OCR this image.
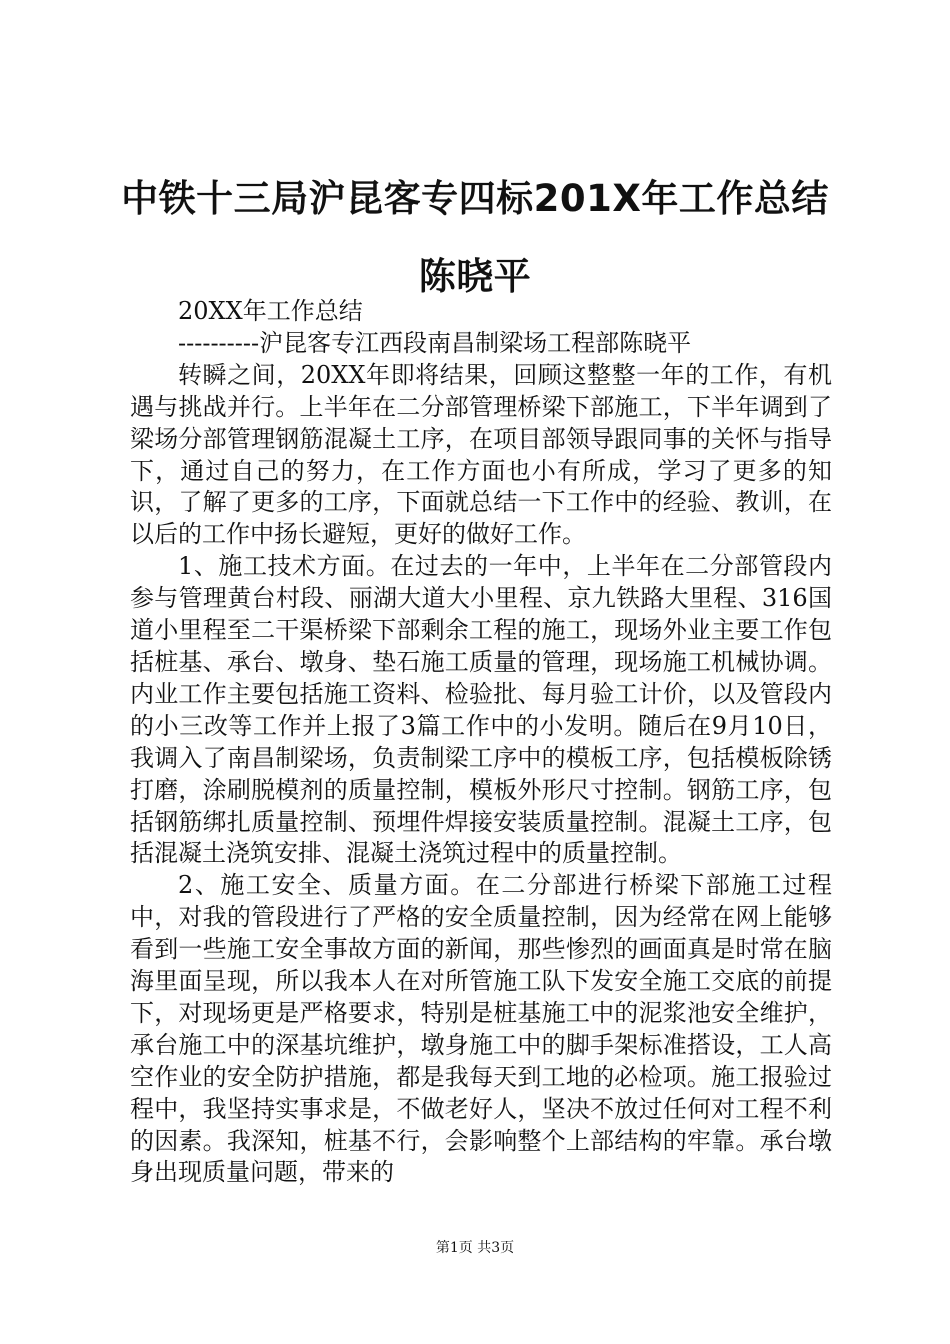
中铁十三局沪昆客专四标201X年工作总结陈晓平

20XX年工作总结

----------沪昆客专江西段南昌制梁场工程部陈晓平

转瞬之间，20XX年即将结果，回顾这整整一年的工作，有机遇与挑战并行。上半年在二分部管理桥梁下部施工，下半年调到了梁场分部管理钢筋混凝土工序，在项目部领导跟同事的关怀与指导下，通过自己的努力，在工作方面也小有所成，学习了更多的知识，了解了更多的工序，下面就总结一下工作中的经验、教训，在以后的工作中扬长避短，更好的做好工作。

1、施工技术方面。在过去的一年中，上半年在二分部管段内参与管理黄台村段、丽湖大道大小里程、京九铁路大里程、316国道小里程至二干渠桥梁下部剩余工程的施工，现场外业主要工作包括桩基、承台、墩身、垫石施工质量的管理，现场施工机械协调。内业工作主要包括施工资料、检验批、每月验工计价，以及管段内的小三改等工作并上报了3篇工作中的小发明。随后在9月10日，我调入了南昌制梁场，负责制梁工序中的模板工序，包括模板除锈打磨，涂刷脱模剂的质量控制，模板外形尺寸控制。钢筋工序，包括钢筋绑扎质量控制、预埋件焊接安装质量控制。混凝土工序，包括混凝土浇筑安排、混凝土浇筑过程中的质量控制。

2、施工安全、质量方面。在二分部进行桥梁下部施工过程中，对我的管段进行了严格的安全质量控制，因为经常在网上能够看到一些施工安全事故方面的新闻，那些惨烈的画面真是时常在脑海里面呈现，所以我本人在对所管施工队下发安全施工交底的前提下，对现场更是严格要求，特别是桩基施工中的泥浆池安全维护，承台施工中的深基坑维护，墩身施工中的脚手架标准搭设，工人高空作业的安全防护措施，都是我每天到工地的必检项。施工报验过程中，我坚持实事求是，不做老好人，坚决不放过任何对工程不利的因素。我深知，桩基不行，会影响整个上部结构的牢靠。承台墩身出现质量问题，带来的

第1页 共3页
